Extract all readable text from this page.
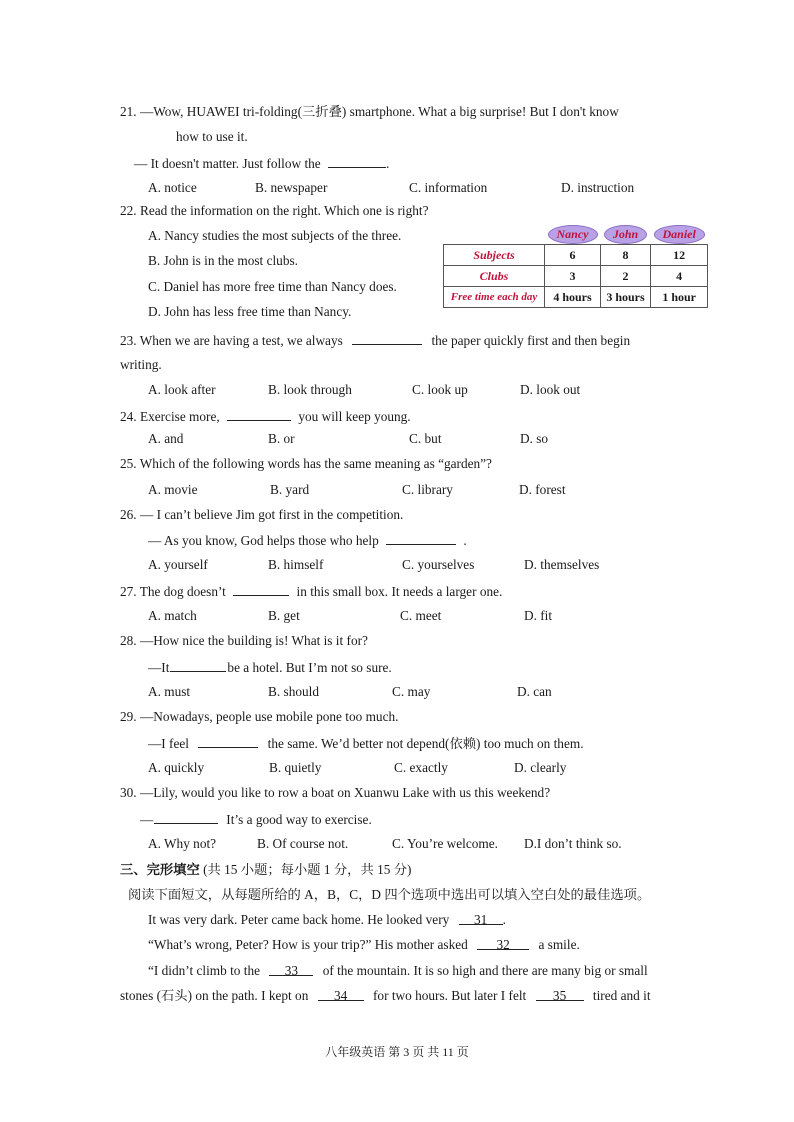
21. —Wow, HUAWEI tri-folding(三折叠) smartphone. What a big surprise! But I don't know
how to use it.
— It doesn't matter. Just follow the	.
A. notice	B. newspaper	C. information	D. instruction
22. Read the information on the right. Which one is right?
A. Nancy studies the most subjects of the three.
B. John is in the most clubs.
C. Daniel has more free time than Nancy does.
D. John has less free time than Nancy.
	Nancy	John	Daniel
Subjects	6	8	12
Clubs	3	2	4
Free time each day	4 hours	3 hours	1 hour
23. When we are having a test, we always	the paper quickly first and then begin
writing.
A. look after	B. look through	C. look up	D. look out
24. Exercise more,	you will keep young.
A. and	B. or	C. but	D. so
25. Which of the following words has the same meaning as “garden”?
A. movie	B. yard	C. library	D. forest
26. — I can’t believe Jim got first in the competition.
— As you know, God helps those who help	.
A. yourself	B. himself	C. yourselves	D. themselves
27. The dog doesn’t	in this small box. It needs a larger one.
A. match	B. get	C. meet	D. fit
28. —How nice the building is! What is it for?
—It	be a hotel. But I’m not so sure.
A. must	B. should	C. may	D. can
29. —Nowadays, people use mobile pone too much.
—I feel	the same. We’d better not depend(依赖) too much on them.
A. quickly	B. quietly	C. exactly	D. clearly
30. —Lily, would you like to row a boat on Xuanwu Lake with us this weekend?
—	It’s a good way to exercise.
A. Why not?	B. Of course not.	C. You’re welcome. D.I don’t think so.
三、完形填空 (共 15 小题；每小题 1 分，共 15 分)
阅读下面短文，从每题所给的 A，B，C，D 四个选项中选出可以填入空白处的最佳选项。
It was very dark. Peter came back home. He looked very 31 .
“What’s wrong, Peter? How is your trip?” His mother asked 32 a smile.
“I didn’t climb to the 33 of the mountain. It is so high and there are many big or small
stones (石头) on the path. I kept on 34 for two hours. But later I felt 35 tired and it
八年级英语 第 3 页 共 11 页
